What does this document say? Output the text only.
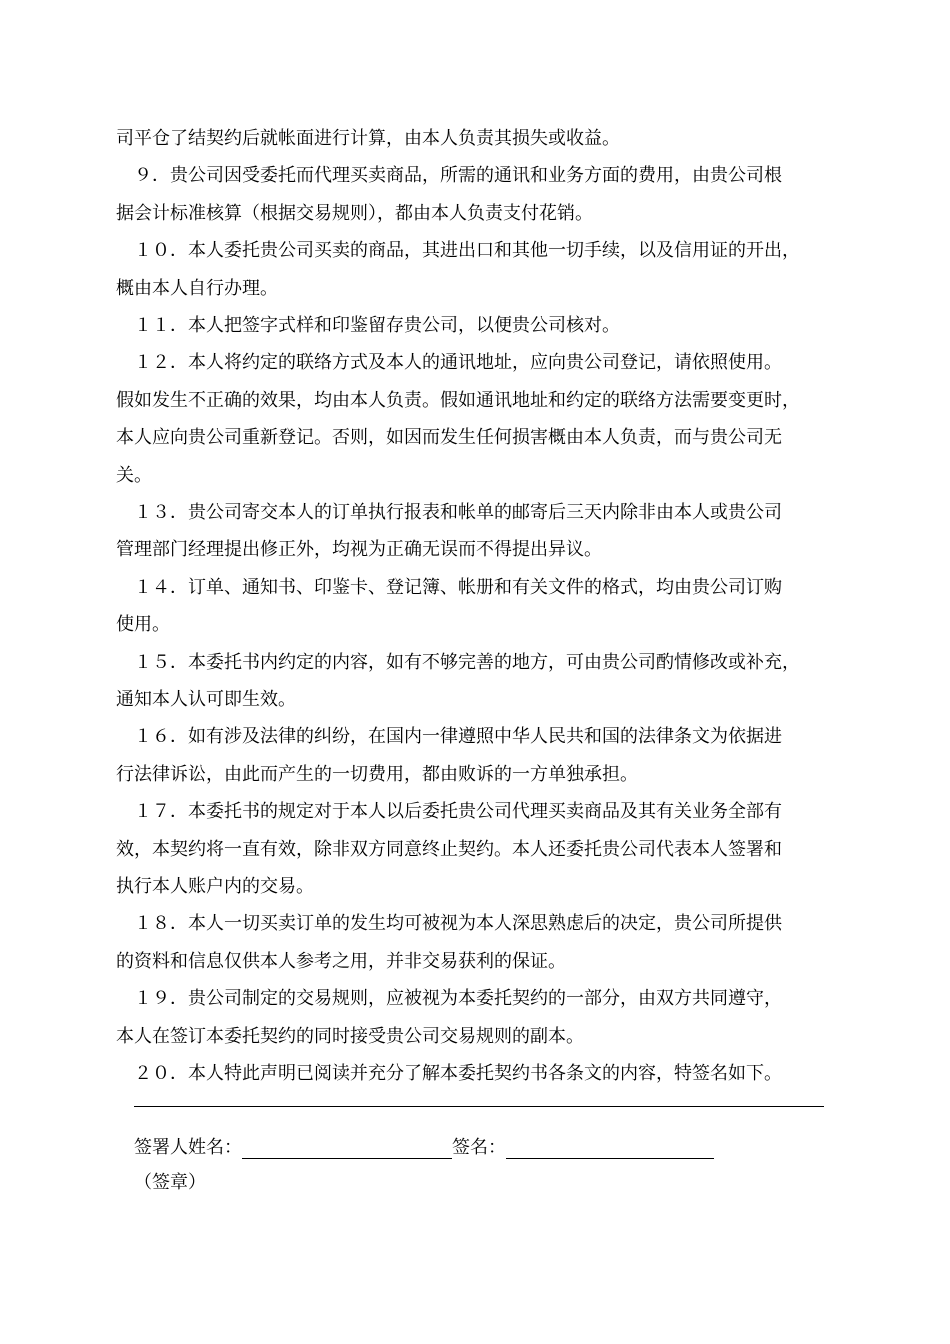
司平仓了结契约后就帐面进行计算，由本人负责其损失或收益。
９．贵公司因受委托而代理买卖商品，所需的通讯和业务方面的费用，由贵公司根
据会计标准核算（根据交易规则），都由本人负责支付花销。
１０．本人委托贵公司买卖的商品，其进出口和其他一切手续，以及信用证的开出，
概由本人自行办理。
１１．本人把签字式样和印鉴留存贵公司，以便贵公司核对。
１２．本人将约定的联络方式及本人的通讯地址，应向贵公司登记，请依照使用。
假如发生不正确的效果，均由本人负责。假如通讯地址和约定的联络方法需要变更时，
本人应向贵公司重新登记。否则，如因而发生任何损害概由本人负责，而与贵公司无
关。
１３．贵公司寄交本人的订单执行报表和帐单的邮寄后三天内除非由本人或贵公司
管理部门经理提出修正外，均视为正确无误而不得提出异议。
１４．订单、通知书、印鉴卡、登记簿、帐册和有关文件的格式，均由贵公司订购
使用。
１５．本委托书内约定的内容，如有不够完善的地方，可由贵公司酌情修改或补充，
通知本人认可即生效。
１６．如有涉及法律的纠纷，在国内一律遵照中华人民共和国的法律条文为依据进
行法律诉讼，由此而产生的一切费用，都由败诉的一方单独承担。
１７．本委托书的规定对于本人以后委托贵公司代理买卖商品及其有关业务全部有
效，本契约将一直有效，除非双方同意终止契约。本人还委托贵公司代表本人签署和
执行本人账户内的交易。
１８．本人一切买卖订单的发生均可被视为本人深思熟虑后的决定，贵公司所提供
的资料和信息仅供本人参考之用，并非交易获利的保证。
１９．贵公司制定的交易规则，应被视为本委托契约的一部分，由双方共同遵守，
本人在签订本委托契约的同时接受贵公司交易规则的副本。
２０．本人特此声明已阅读并充分了解本委托契约书各条文的内容，特签名如下。
签署人姓名：	签名：
（签章）
